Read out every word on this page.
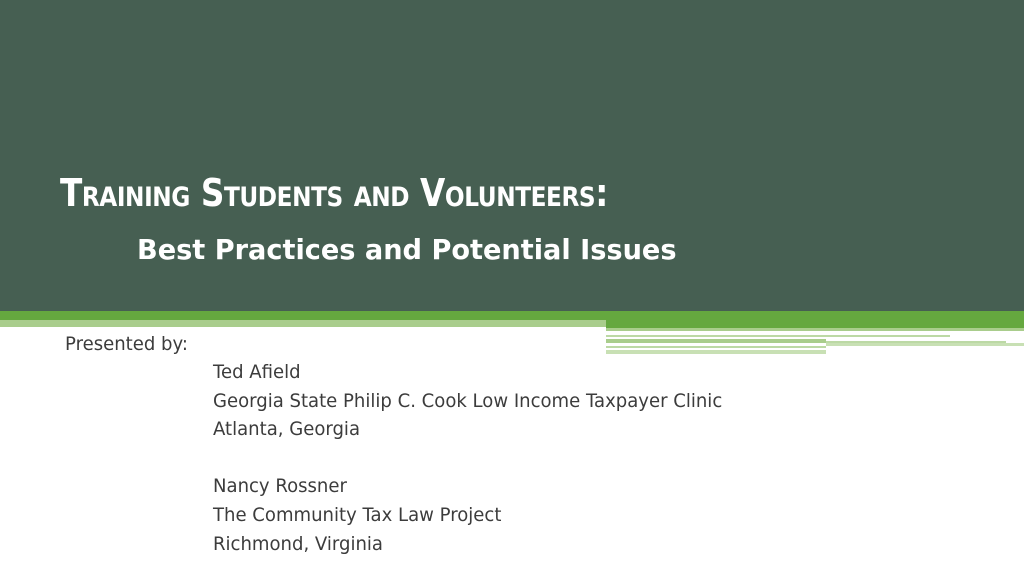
Training Students and Volunteers:
Best Practices and Potential Issues

Presented by:

Ted Afield
Georgia State Philip C. Cook Low Income Taxpayer Clinic
Atlanta, Georgia
Nancy Rossner
The Community Tax Law Project
Richmond, Virginia
